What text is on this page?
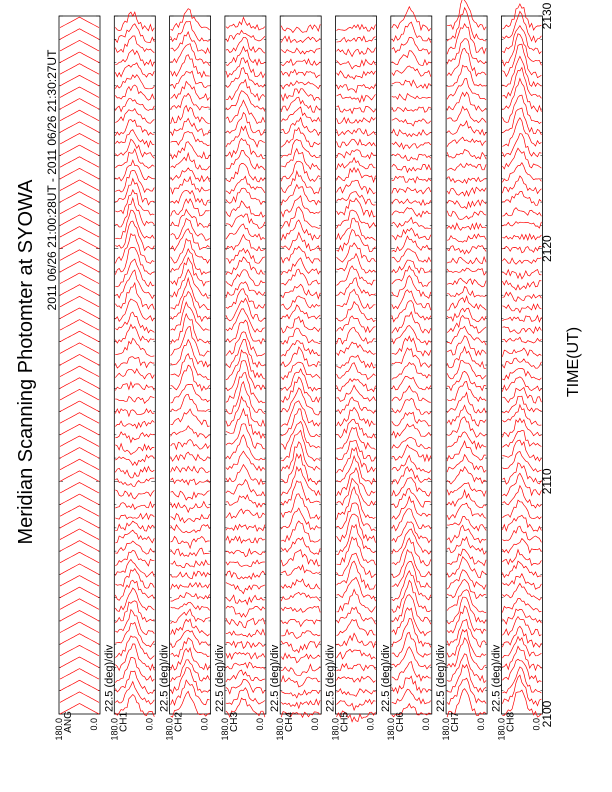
Meridian Scanning Photomter at SYOWA 2011 06/26 21:00:28UT - 2011 06/26 21:30:27UT
TIME(UT)
ANG
180.0	0.0 CH1
180.0	0.0
22.5 (deg)/div
CH2
180.0	0.0
22.5 (deg)/div
CH3
180.0	0.0
22.5 (deg)/div
CH4
180.0	0.0
22.5 (deg)/div
CH5
180.0	0.0
22.5 (deg)/div
CH6
180.0	0.0
22.5 (deg)/div
CH7
180.0	0.0
22.5 (deg)/div
CH8
180.0	0.0
22.5 (deg)/div
2100
2110
2120
2130
